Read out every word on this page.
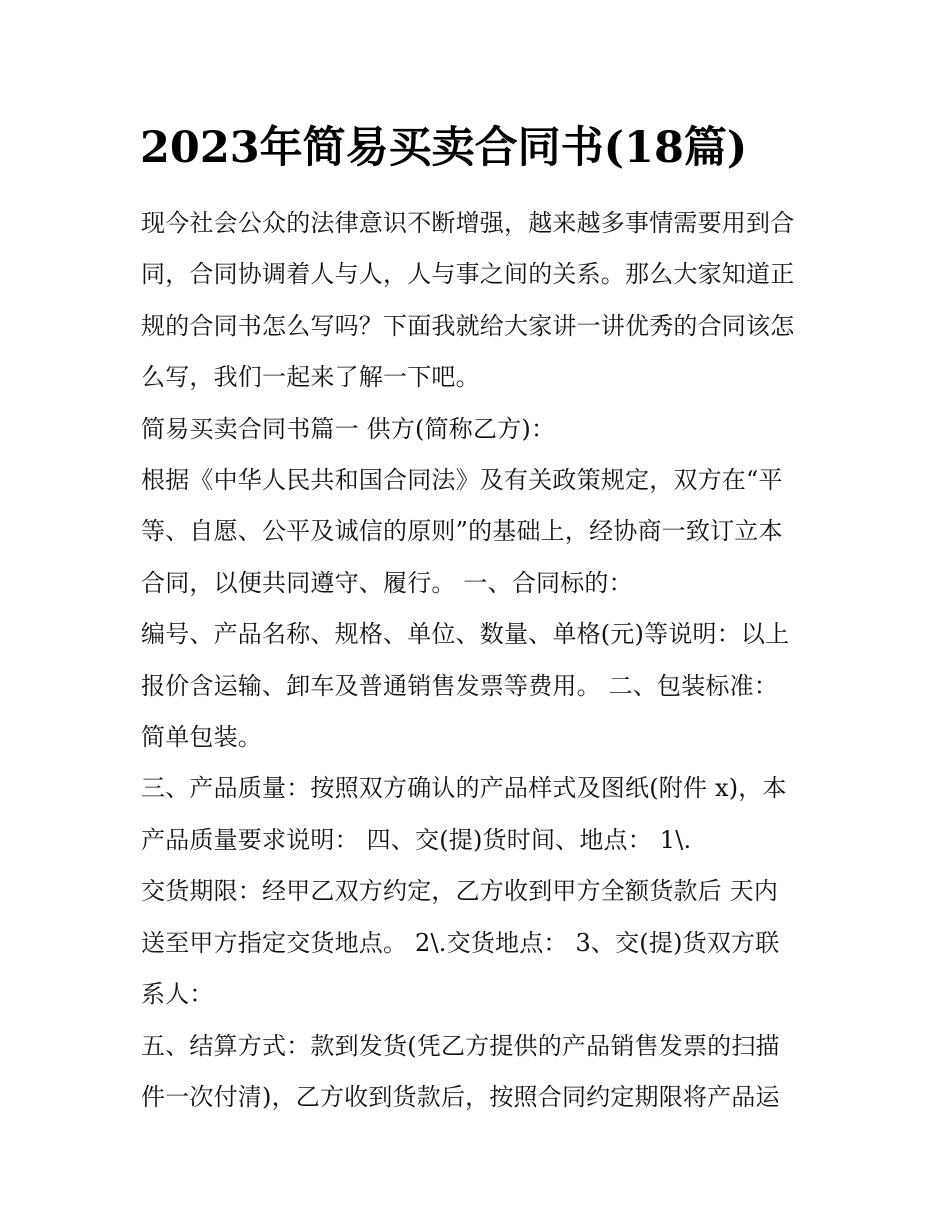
2023年简易买卖合同书(18篇)

现今社会公众的法律意识不断增强，越来越多事情需要用到合

同，合同协调着人与人，人与事之间的关系。那么大家知道正

规的合同书怎么写吗？下面我就给大家讲一讲优秀的合同该怎

么写，我们一起来了解一下吧。

简易买卖合同书篇一 供方(简称乙方)：

根据《中华人民共和国合同法》及有关政策规定，双方在“平

等、自愿、公平及诚信的原则”的基础上，经协商一致订立本

合同，以便共同遵守、履行。 一、合同标的：

编号、产品名称、规格、单位、数量、单格(元)等说明：以上

报价含运输、卸车及普通销售发票等费用。 二、包装标准：

简单包装。

三、产品质量：按照双方确认的产品样式及图纸(附件 x)，本

产品质量要求说明： 四、交(提)货时间、地点： 1\.

交货期限：经甲乙双方约定，乙方收到甲方全额货款后 天内

送至甲方指定交货地点。 2\.交货地点： 3、交(提)货双方联

系人：

五、结算方式：款到发货(凭乙方提供的产品销售发票的扫描

件一次付清)，乙方收到货款后，按照合同约定期限将产品运
